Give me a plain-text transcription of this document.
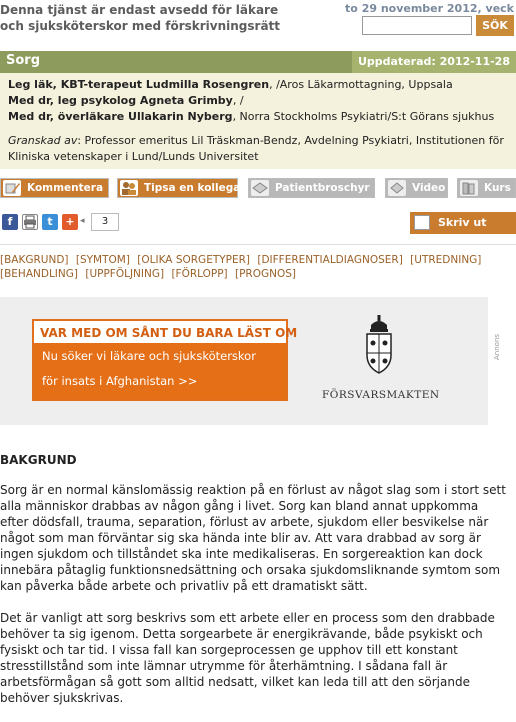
Denna tjänst är endast avsedd för läkare
och sjuksköterskor med förskrivningsrätt
to 29 november 2012, veck
SÖK
Sorg	Uppdaterad: 2012-11-28
Leg läk, KBT-terapeut Ludmilla Rosengren, /Aros Läkarmottagning, Uppsala
Med dr, leg psykolog Agneta Grimby, /
Med dr, överläkare Ullakarin Nyberg, Norra Stockholms Psykiatri/S:t Görans sjukhus
Granskad av: Professor emeritus Lil Träskman-Bendz, Avdelning Psykiatri, Institutionen för Kliniska vetenskaper i Lund/Lunds Universitet
Kommentera	Tipsa en kollega	Patientbroschyr	Video	Kurs
f	t	+ ◂	3	Skriv ut
[BAKGRUND] [SYMTOM] [OLIKA SORGETYPER] [DIFFERENTIALDIAGNOSER] [UTREDNING]
[BEHANDLING] [UPPFÖLJNING] [FÖRLOPP] [PROGNOS]
VAR MED OM SÅNT DU BARA LÄST OM
Nu söker vi läkare och sjuksköterskor
för insats i Afghanistan >>
FÖRSVARSMAKTEN
Annons
BAKGRUND

Sorg är en normal känslomässig reaktion på en förlust av något slag som i stort sett alla människor drabbas av någon gång i livet. Sorg kan bland annat uppkomma efter dödsfall, trauma, separation, förlust av arbete, sjukdom eller besvikelse när något som man förväntar sig ska hända inte blir av. Att vara drabbad av sorg är ingen sjukdom och tillståndet ska inte medikaliseras. En sorgereaktion kan dock innebära påtaglig funktionsnedsättning och orsaka sjukdomsliknande symtom som kan påverka både arbete och privatliv på ett dramatiskt sätt.

Det är vanligt att sorg beskrivs som ett arbete eller en process som den drabbade behöver ta sig igenom. Detta sorgearbete är energikrävande, både psykiskt och fysiskt och tar tid. I vissa fall kan sorgeprocessen ge upphov till ett konstant stresstillstånd som inte lämnar utrymme för återhämtning. I sådana fall är arbetsförmågan så gott som alltid nedsatt, vilket kan leda till att den sörjande behöver sjukskrivas.
